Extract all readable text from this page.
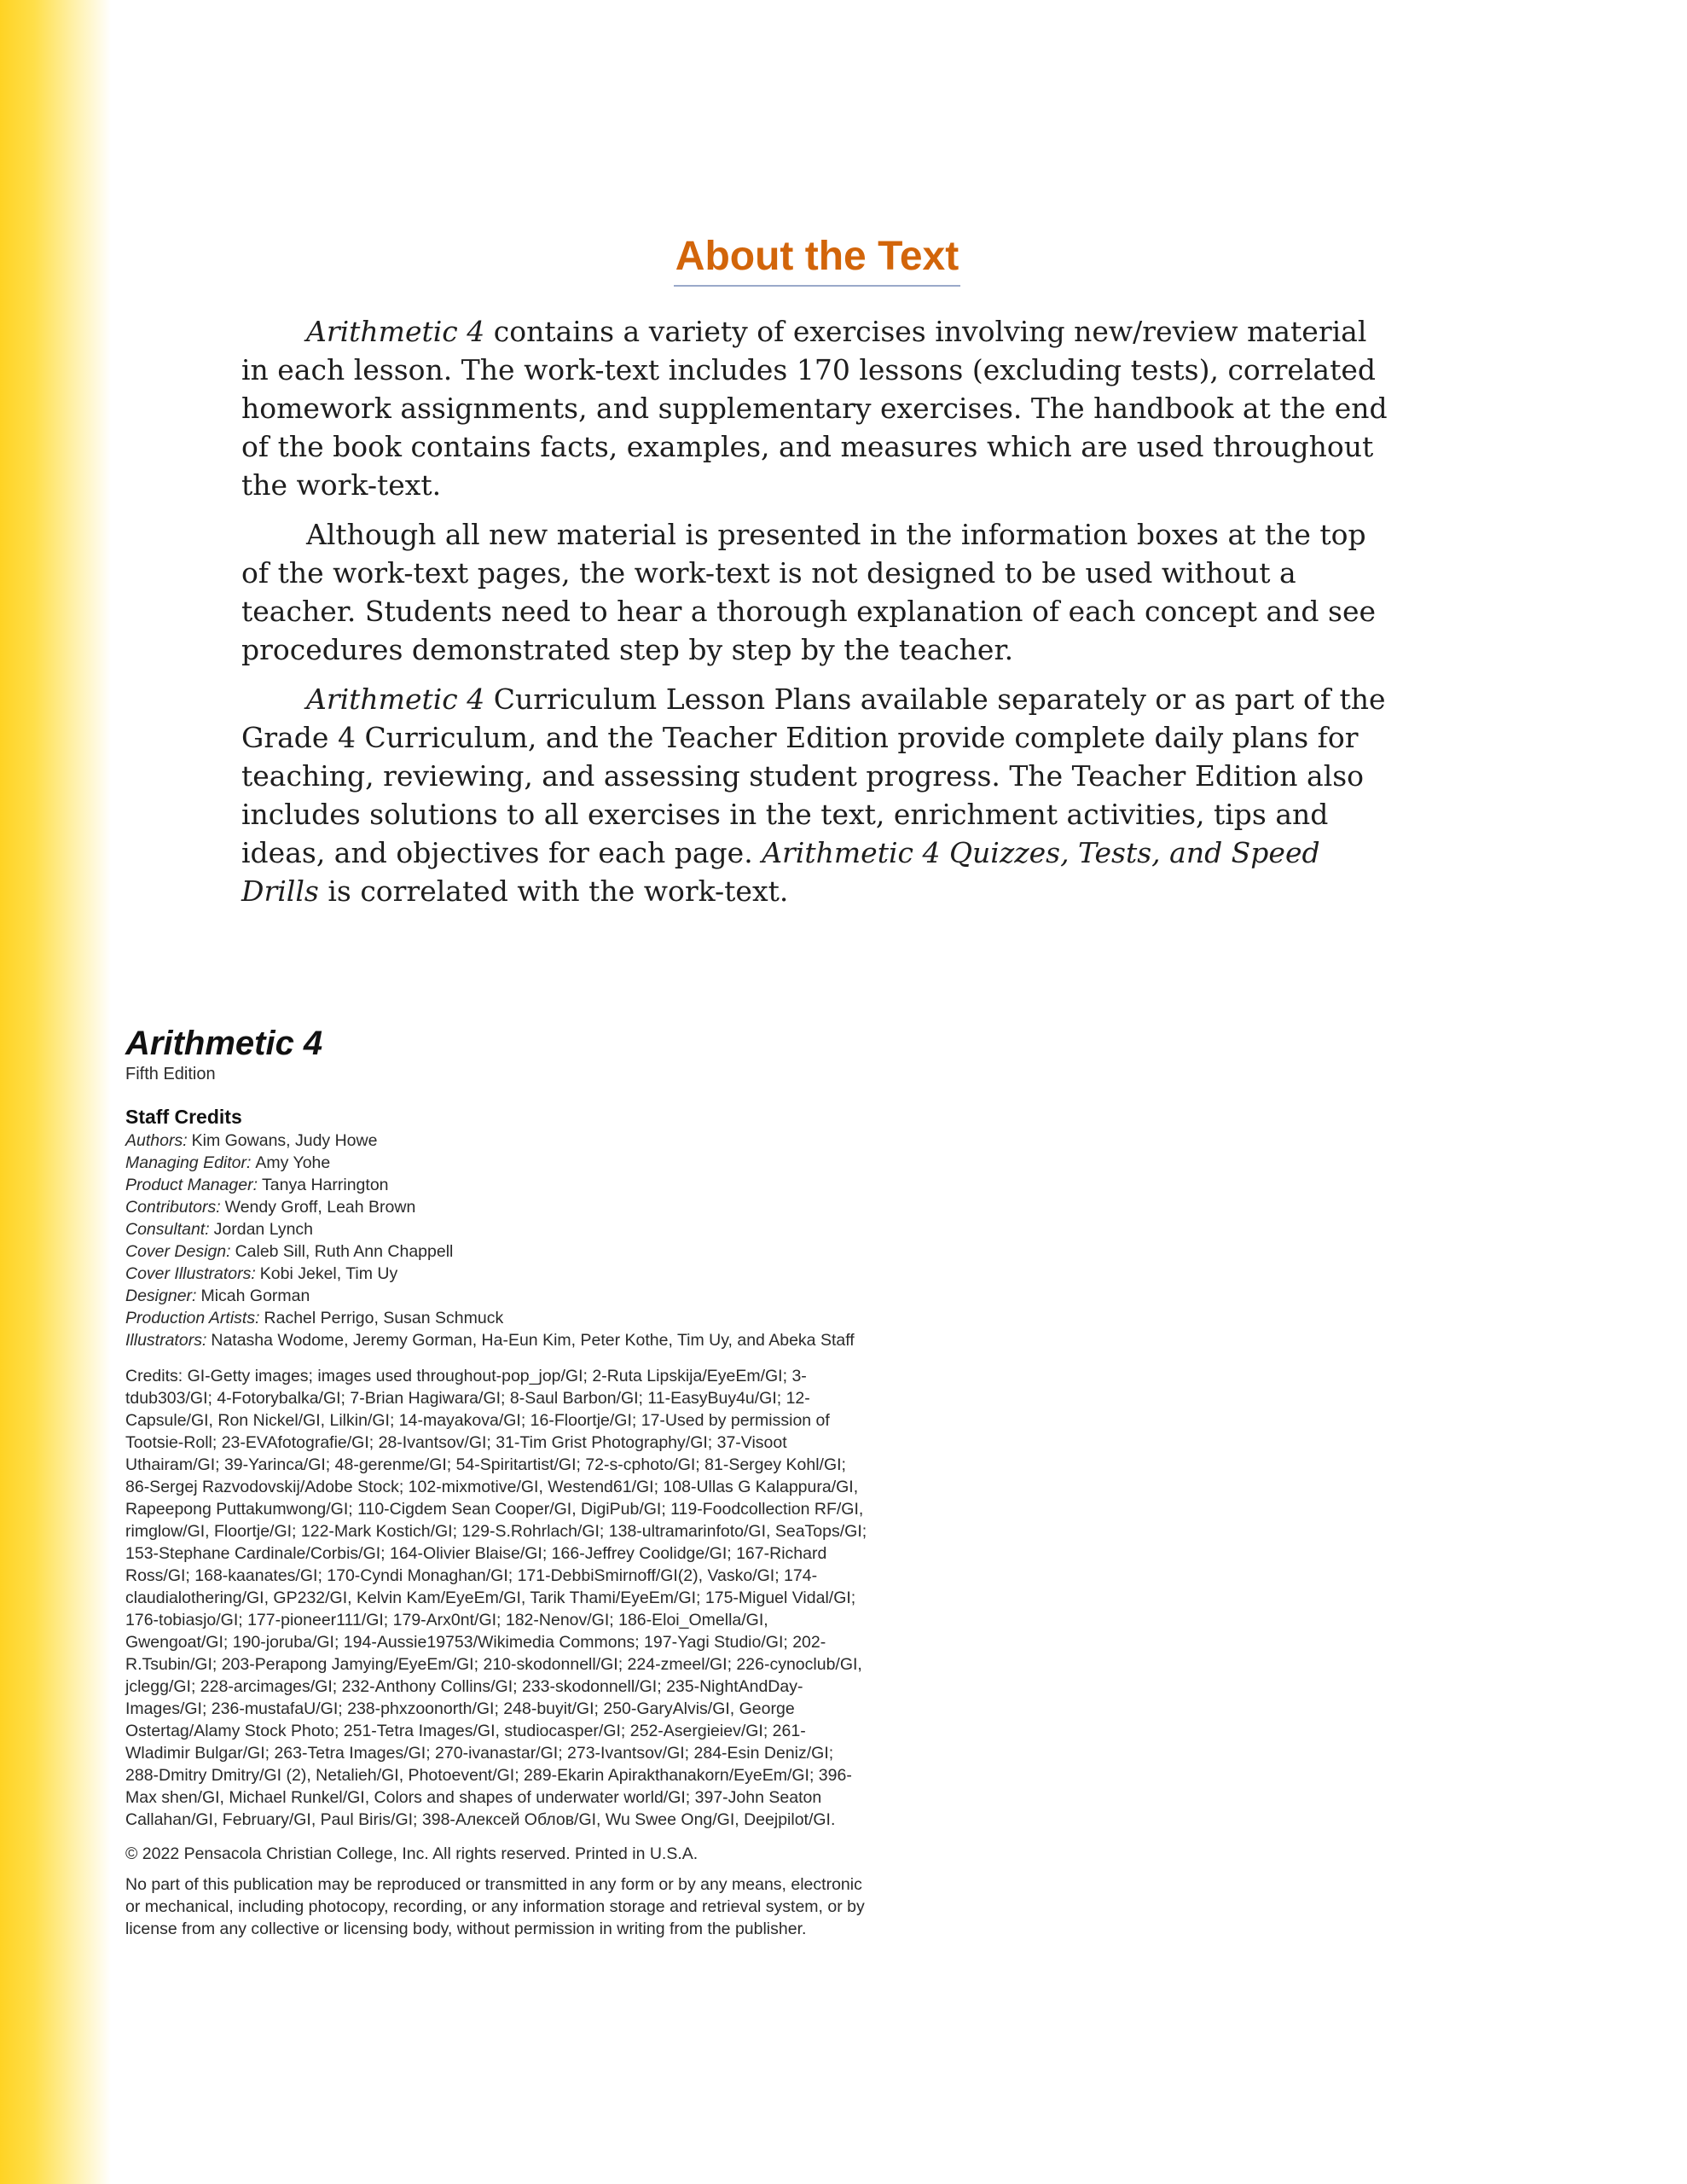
About the Text

Arithmetic 4 contains a variety of exercises involving new/review material in each lesson. The work-text includes 170 lessons (excluding tests), correlated homework assignments, and supplementary exercises. The handbook at the end of the book contains facts, examples, and measures which are used throughout the work-text.

Although all new material is presented in the information boxes at the top of the work-text pages, the work-text is not designed to be used without a teacher. Students need to hear a thorough explanation of each concept and see procedures demonstrated step by step by the teacher.

Arithmetic 4 Curriculum Lesson Plans available separately or as part of the Grade 4 Curriculum, and the Teacher Edition provide complete daily plans for teaching, reviewing, and assessing student progress. The Teacher Edition also includes solutions to all exercises in the text, enrichment activities, tips and ideas, and objectives for each page. Arithmetic 4 Quizzes, Tests, and Speed Drills is correlated with the work-text.

Arithmetic 4
Fifth Edition
Staff Credits
Authors: Kim Gowans, Judy Howe
Managing Editor: Amy Yohe
Product Manager: Tanya Harrington
Contributors: Wendy Groff, Leah Brown
Consultant: Jordan Lynch
Cover Design: Caleb Sill, Ruth Ann Chappell
Cover Illustrators: Kobi Jekel, Tim Uy
Designer: Micah Gorman
Production Artists: Rachel Perrigo, Susan Schmuck
Illustrators: Natasha Wodome, Jeremy Gorman, Ha-Eun Kim, Peter Kothe, Tim Uy, and Abeka Staff

Credits: GI-Getty images; images used throughout-pop_jop/GI; 2-Ruta Lipskija/EyeEm/GI; 3-tdub303/GI; 4-Fotorybalka/GI; 7-Brian Hagiwara/GI; 8-Saul Barbon/GI; 11-EasyBuy4u/GI; 12-Capsule/GI, Ron Nickel/GI, Lilkin/GI; 14-mayakova/GI; 16-Floortje/GI; 17-Used by permission of Tootsie-Roll; 23-EVAfotografie/GI; 28-Ivantsov/GI; 31-Tim Grist Photography/GI; 37-Visoot Uthairam/GI; 39-Yarinca/GI; 48-gerenme/GI; 54-Spiritartist/GI; 72-s-cphoto/GI; 81-Sergey Kohl/GI; 86-Sergej Razvodovskij/Adobe Stock; 102-mixmotive/GI, Westend61/GI; 108-Ullas G Kalappura/GI, Rapeepong Puttakumwong/GI; 110-Cigdem Sean Cooper/GI, DigiPub/GI; 119-Foodcollection RF/GI, rimglow/GI, Floortje/GI; 122-Mark Kostich/GI; 129-S.Rohrlach/GI; 138-ultramarinfoto/GI, SeaTops/GI; 153-Stephane Cardinale/Corbis/GI; 164-Olivier Blaise/GI; 166-Jeffrey Coolidge/GI; 167-Richard Ross/GI; 168-kaanates/GI; 170-Cyndi Monaghan/GI; 171-DebbiSmirnoff/GI(2), Vasko/GI; 174-claudialothering/GI, GP232/GI, Kelvin Kam/EyeEm/GI, Tarik Thami/EyeEm/GI; 175-Miguel Vidal/GI; 176-tobiasjo/GI; 177-pioneer111/GI; 179-Arx0nt/GI; 182-Nenov/GI; 186-Eloi_Omella/GI, Gwengoat/GI; 190-joruba/GI; 194-Aussie19753/Wikimedia Commons; 197-Yagi Studio/GI; 202-R.Tsubin/GI; 203-Perapong Jamying/EyeEm/GI; 210-skodonnell/GI; 224-zmeel/GI; 226-cynoclub/GI, jclegg/GI; 228-arcimages/GI; 232-Anthony Collins/GI; 233-skodonnell/GI; 235-NightAndDay-Images/GI; 236-mustafaU/GI; 238-phxzoonorth/GI; 248-buyit/GI; 250-GaryAlvis/GI, George Ostertag/Alamy Stock Photo; 251-Tetra Images/GI, studiocasper/GI; 252-Asergieiev/GI; 261-Wladimir Bulgar/GI; 263-Tetra Images/GI; 270-ivanastar/GI; 273-Ivantsov/GI; 284-Esin Deniz/GI; 288-Dmitry Dmitry/GI (2), Netalieh/GI, Photoevent/GI; 289-Ekarin Apirakthanakorn/EyeEm/GI; 396-Max shen/GI, Michael Runkel/GI, Colors and shapes of underwater world/GI; 397-John Seaton Callahan/GI, February/GI, Paul Biris/GI; 398-Алексей Облов/GI, Wu Swee Ong/GI, Deejpilot/GI.

© 2022 Pensacola Christian College, Inc. All rights reserved. Printed in U.S.A.

No part of this publication may be reproduced or transmitted in any form or by any means, electronic or mechanical, including photocopy, recording, or any information storage and retrieval system, or by license from any collective or licensing body, without permission in writing from the publisher.
